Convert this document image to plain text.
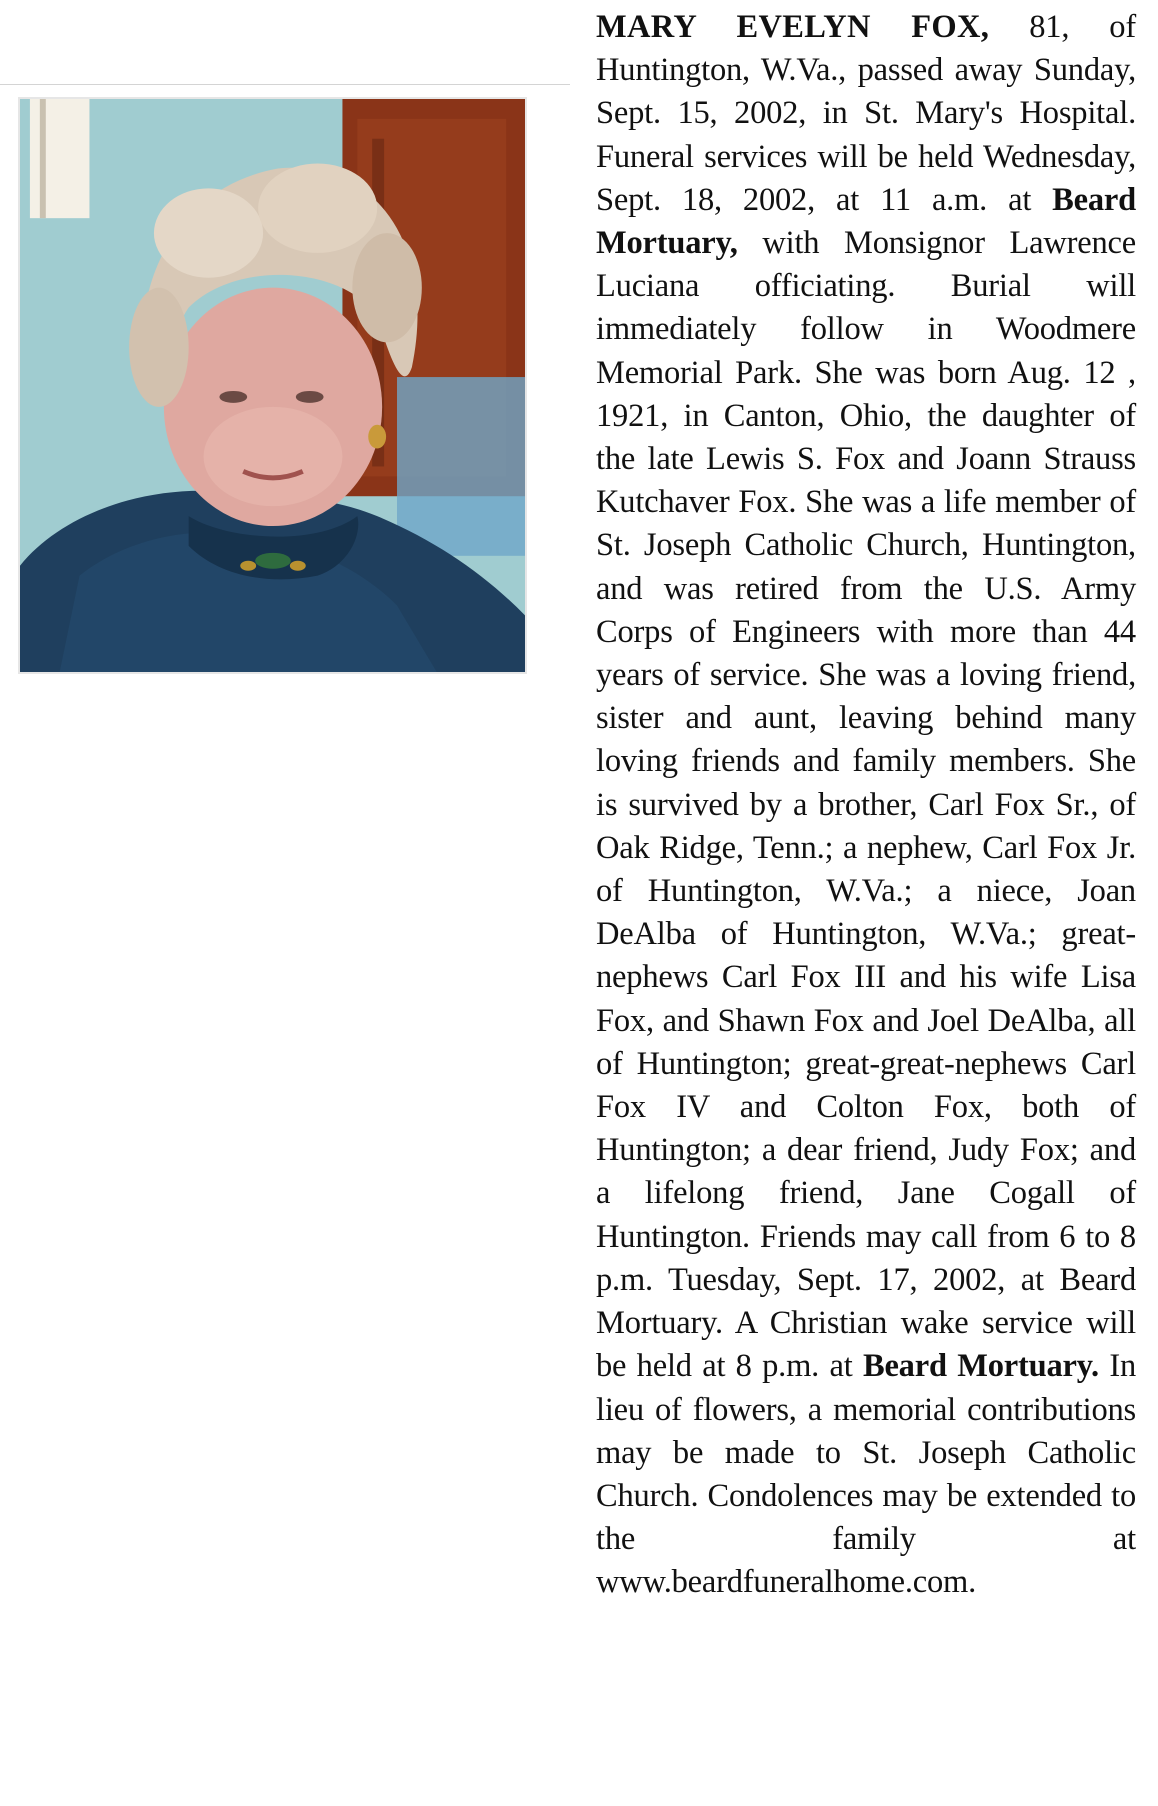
MARY EVELYN FOX, 81, of Huntington, W.Va., passed away Sunday, Sept. 15, 2002, in St. Mary's Hospital. Funeral services will be held Wednesday, Sept. 18, 2002, at 11 a.m. at Beard Mortuary, with Monsignor Lawrence Luciana officiating. Burial will immediately follow in Woodmere Memorial Park. She was born Aug. 12 , 1921, in Canton, Ohio, the daughter of the late Lewis S. Fox and Joann Strauss Kutchaver Fox. She was a life member of St. Joseph Catholic Church, Huntington, and was retired from the U.S. Army Corps of Engineers with more than 44 years of service. She was a loving friend, sister and aunt, leaving behind many loving friends and family members. She is survived by a brother, Carl Fox Sr., of Oak Ridge, Tenn.; a nephew, Carl Fox Jr. of Huntington, W.Va.; a niece, Joan DeAlba of Huntington, W.Va.; great-nephews Carl Fox III and his wife Lisa Fox, and Shawn Fox and Joel DeAlba, all of Huntington; great-great-nephews Carl Fox IV and Colton Fox, both of Huntington; a dear friend, Judy Fox; and a lifelong friend, Jane Cogall of Huntington. Friends may call from 6 to 8 p.m. Tuesday, Sept. 17, 2002, at Beard Mortuary. A Christian wake service will be held at 8 p.m. at Beard Mortuary. In lieu of flowers, a memorial contributions may be made to St. Joseph Catholic Church. Condolences may be extended to the family at www.beardfuneralhome.com.
